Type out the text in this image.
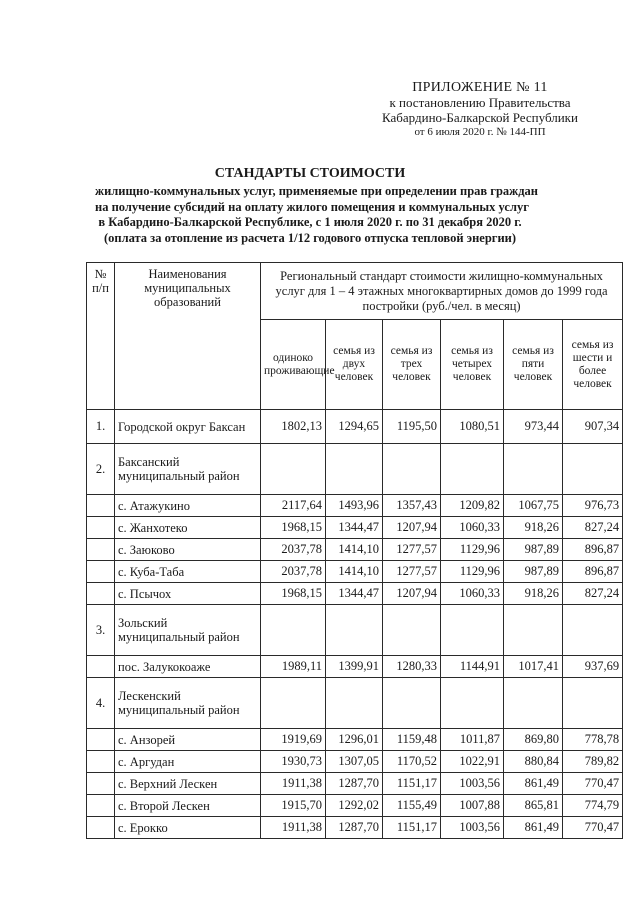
ПРИЛОЖЕНИЕ № 11
к постановлению Правительства
Кабардино-Балкарской Республики
от 6 июля 2020 г. № 144-ПП
СТАНДАРТЫ СТОИМОСТИ
жилищно-коммунальных услуг, применяемые при определении прав граждан
на получение субсидий на оплату жилого помещения и коммунальных услуг
в Кабардино-Балкарской Республике, с 1 июля 2020 г. по 31 декабря 2020 г.
(оплата за отопление из расчета 1/12 годового отпуска тепловой энергии)
№ п/п	Наименования муниципальных образований	Региональный стандарт стоимости жилищно-коммунальных услуг для 1 – 4 этажных многоквартирных домов до 1999 года постройки (руб./чел. в месяц)					
		одиноко проживающие	семья из двух человек	семья из трех человек	семья из четырех человек	семья из пяти человек	семья из шести и более человек
1.	Городской округ Баксан	1802,13	1294,65	1195,50	1080,51	973,44	907,34
2.	Баксанский муниципальный район						
	с. Атажукино	2117,64	1493,96	1357,43	1209,82	1067,75	976,73
	с. Жанхотеко	1968,15	1344,47	1207,94	1060,33	918,26	827,24
	с. Заюково	2037,78	1414,10	1277,57	1129,96	987,89	896,87
	с. Куба-Таба	2037,78	1414,10	1277,57	1129,96	987,89	896,87
	с. Псычох	1968,15	1344,47	1207,94	1060,33	918,26	827,24
3.	Зольский муниципальный район						
	пос. Залукокоаже	1989,11	1399,91	1280,33	1144,91	1017,41	937,69
4.	Лескенский муниципальный район						
	с. Анзорей	1919,69	1296,01	1159,48	1011,87	869,80	778,78
	с. Аргудан	1930,73	1307,05	1170,52	1022,91	880,84	789,82
	с. Верхний Лескен	1911,38	1287,70	1151,17	1003,56	861,49	770,47
	с. Второй Лескен	1915,70	1292,02	1155,49	1007,88	865,81	774,79
	с. Ерокко	1911,38	1287,70	1151,17	1003,56	861,49	770,47
